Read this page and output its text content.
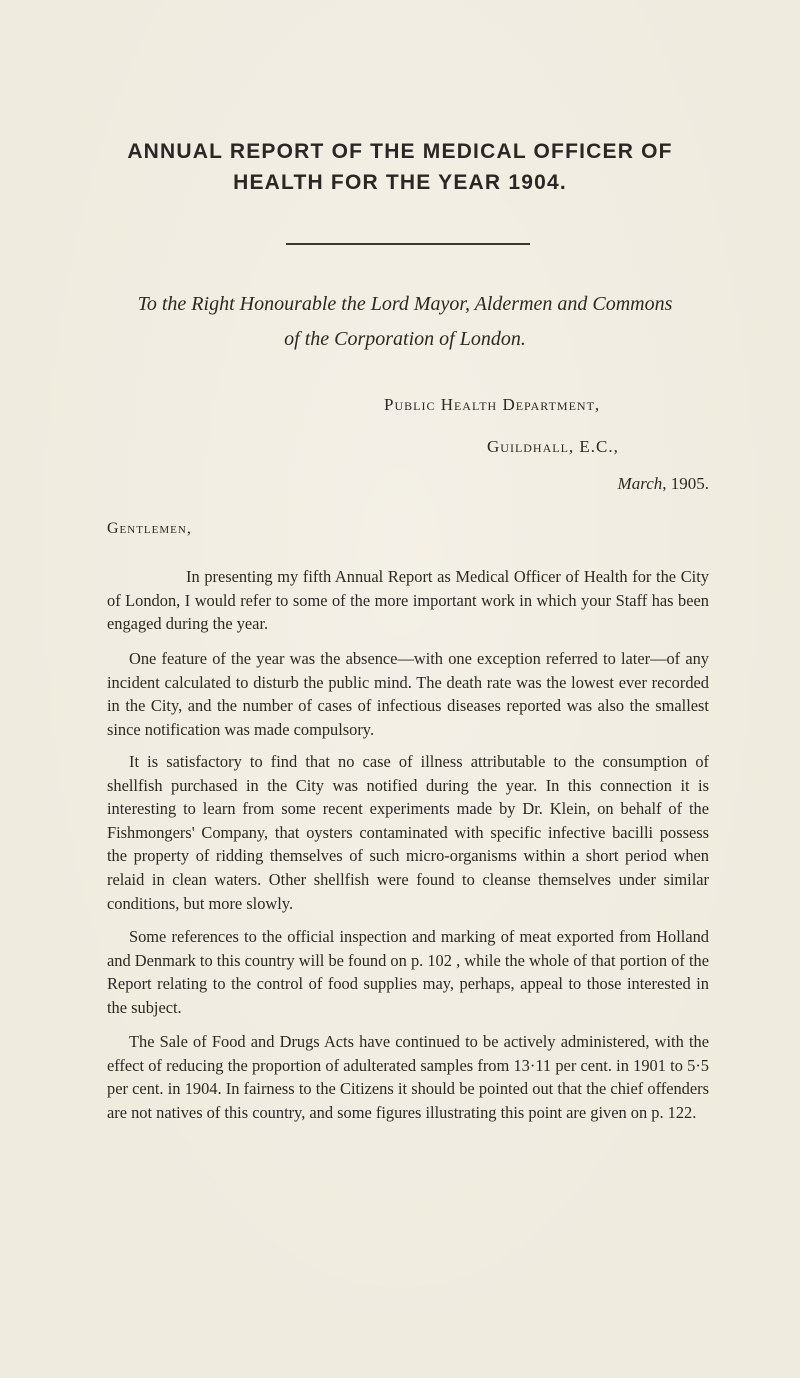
ANNUAL REPORT OF THE MEDICAL OFFICER OF
HEALTH FOR THE YEAR 1904.
To the Right Honourable the Lord Mayor, Aldermen and Commons
of the Corporation of London.
Public Health Department,
Guildhall, E.C.,
March, 1905.
Gentlemen,
In presenting my fifth Annual Report as Medical Officer of Health for the City of London, I would refer to some of the more important work in which your Staff has been engaged during the year.
One feature of the year was the absence—with one exception referred to later—of any incident calculated to disturb the public mind. The death rate was the lowest ever recorded in the City, and the number of cases of infectious diseases reported was also the smallest since notification was made compulsory.
It is satisfactory to find that no case of illness attributable to the consumption of shellfish purchased in the City was notified during the year. In this connection it is interesting to learn from some recent experiments made by Dr. Klein, on behalf of the Fishmongers' Company, that oysters contaminated with specific infective bacilli possess the property of ridding themselves of such micro-organisms within a short period when relaid in clean waters. Other shellfish were found to cleanse themselves under similar conditions, but more slowly.
Some references to the official inspection and marking of meat exported from Holland and Denmark to this country will be found on p. 102 , while the whole of that portion of the Report relating to the control of food supplies may, perhaps, appeal to those interested in the subject.
The Sale of Food and Drugs Acts have continued to be actively administered, with the effect of reducing the proportion of adulterated samples from 13·11 per cent. in 1901 to 5·5 per cent. in 1904. In fairness to the Citizens it should be pointed out that the chief offenders are not natives of this country, and some figures illustrating this point are given on p. 122.
